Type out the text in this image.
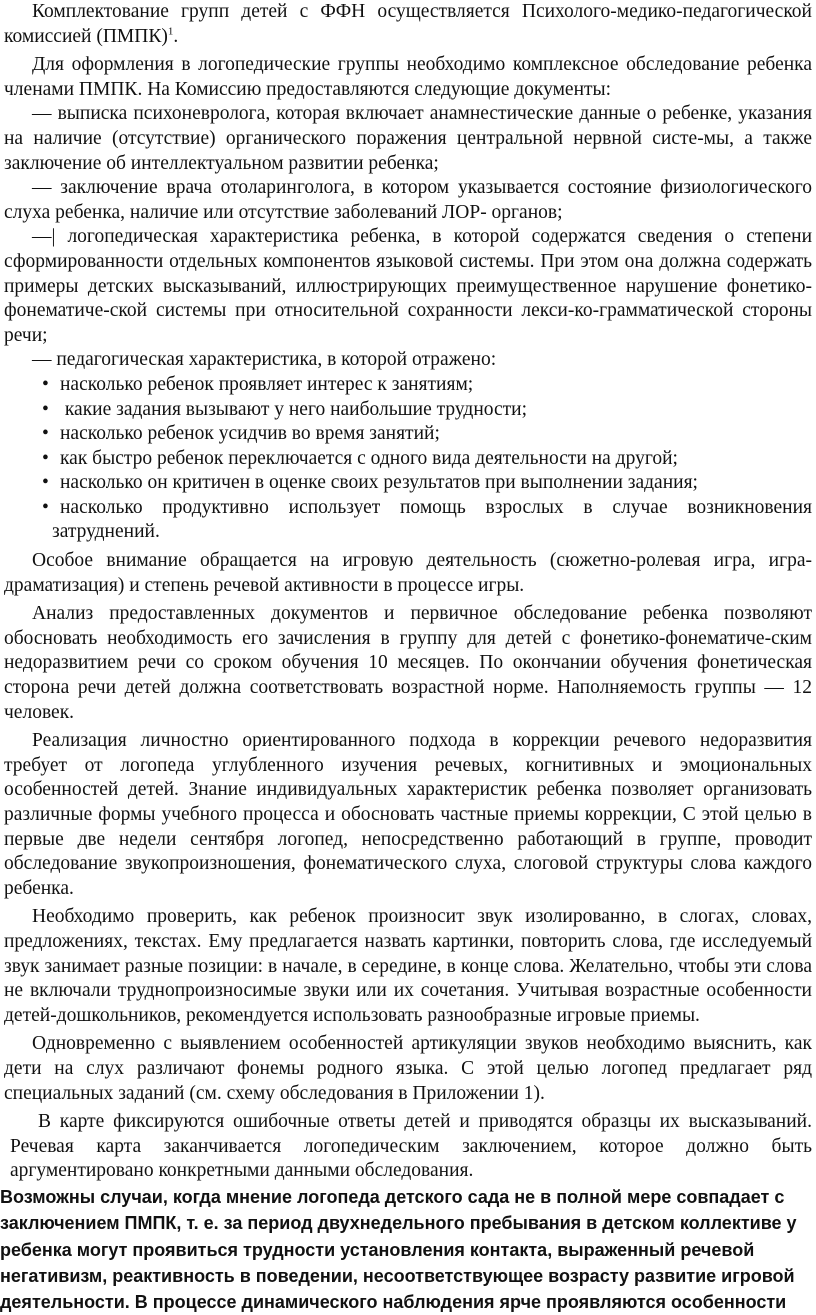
Комплектование групп детей с ФФН осуществляется Психолого-медико-педагогической комиссией (ПМПК)$^1$.

Для оформления в логопедические группы необходимо комплексное обследование ребенка членами ПМПК. На Комиссию предоставляются следующие документы:

— выписка психоневролога, которая включает анамнестические данные о ребенке, указания на наличие (отсутствие) органического поражения центральной нервной систе-мы, а также заключение об интеллектуальном развитии ребенка;

— заключение врача отоларинголога, в котором указывается состояние физиологического слуха ребенка, наличие или отсутствие заболеваний ЛОР- органов;

—| логопедическая характеристика ребенка, в которой содержатся сведения о степени сформированности отдельных компонентов языковой системы. При этом она должна содержать примеры детских высказываний, иллюстрирующих преимущественное нарушение фонетико-фонематиче-ской системы при относительной сохранности лекси-ко-грамматической стороны речи;

— педагогическая характеристика, в которой отражено:

• насколько ребенок проявляет интерес к занятиям;
• какие задания вызывают у него наибольшие трудности;
• насколько ребенок усидчив во время занятий;
• как быстро ребенок переключается с одного вида деятельности на другой;
• насколько он критичен в оценке своих результатов при выполнении задания;
• насколько продуктивно использует помощь взрослых в случае возникновения затруднений.

Особое внимание обращается на игровую деятельность (сюжетно-ролевая игра, игра-драматизация) и степень речевой активности в процессе игры.

Анализ предоставленных документов и первичное обследование ребенка позволяют обосновать необходимость его зачисления в группу для детей с фонетико-фонематиче-ским недоразвитием речи со сроком обучения 10 месяцев. По окончании обучения фонетическая сторона речи детей должна соответствовать возрастной норме. Наполняемость группы — 12 человек.

Реализация личностно ориентированного подхода в коррекции речевого недоразвития требует от логопеда углубленного изучения речевых, когнитивных и эмоциональных особенностей детей. Знание индивидуальных характеристик ребенка позволяет организовать различные формы учебного процесса и обосновать частные приемы коррекции, С этой целью в первые две недели сентября логопед, непосредственно работающий в группе, проводит обследование звукопроизношения, фонематического слуха, слоговой структуры слова каждого ребенка.

Необходимо проверить, как ребенок произносит звук изолированно, в слогах, словах, предложениях, текстах. Ему предлагается назвать картинки, повторить слова, где исследуемый звук занимает разные позиции: в начале, в середине, в конце слова. Желательно, чтобы эти слова не включали труднопроизносимые звуки или их сочетания. Учитывая возрастные особенности детей-дошкольников, рекомендуется использовать разнообразные игровые приемы.

Одновременно с выявлением особенностей артикуляции звуков необходимо выяснить, как дети на слух различают фонемы родного языка. С этой целью логопед предлагает ряд специальных заданий (см. схему обследования в Приложении 1).

В карте фиксируются ошибочные ответы детей и приводятся образцы их высказываний. Речевая карта заканчивается логопедическим заключением, которое должно быть аргументировано конкретными данными обследования.

Возможны случаи, когда мнение логопеда детского сада не в полной мере совпадает с заключением ПМПК, т. е. за период двухнедельного пребывания в детском коллективе у ребенка могут проявиться трудности установления контакта, выраженный речевой негативизм, реактивность в поведении, несоответствующее возрасту развитие игровой деятельности. В процессе динамического наблюдения ярче проявляются особенности
